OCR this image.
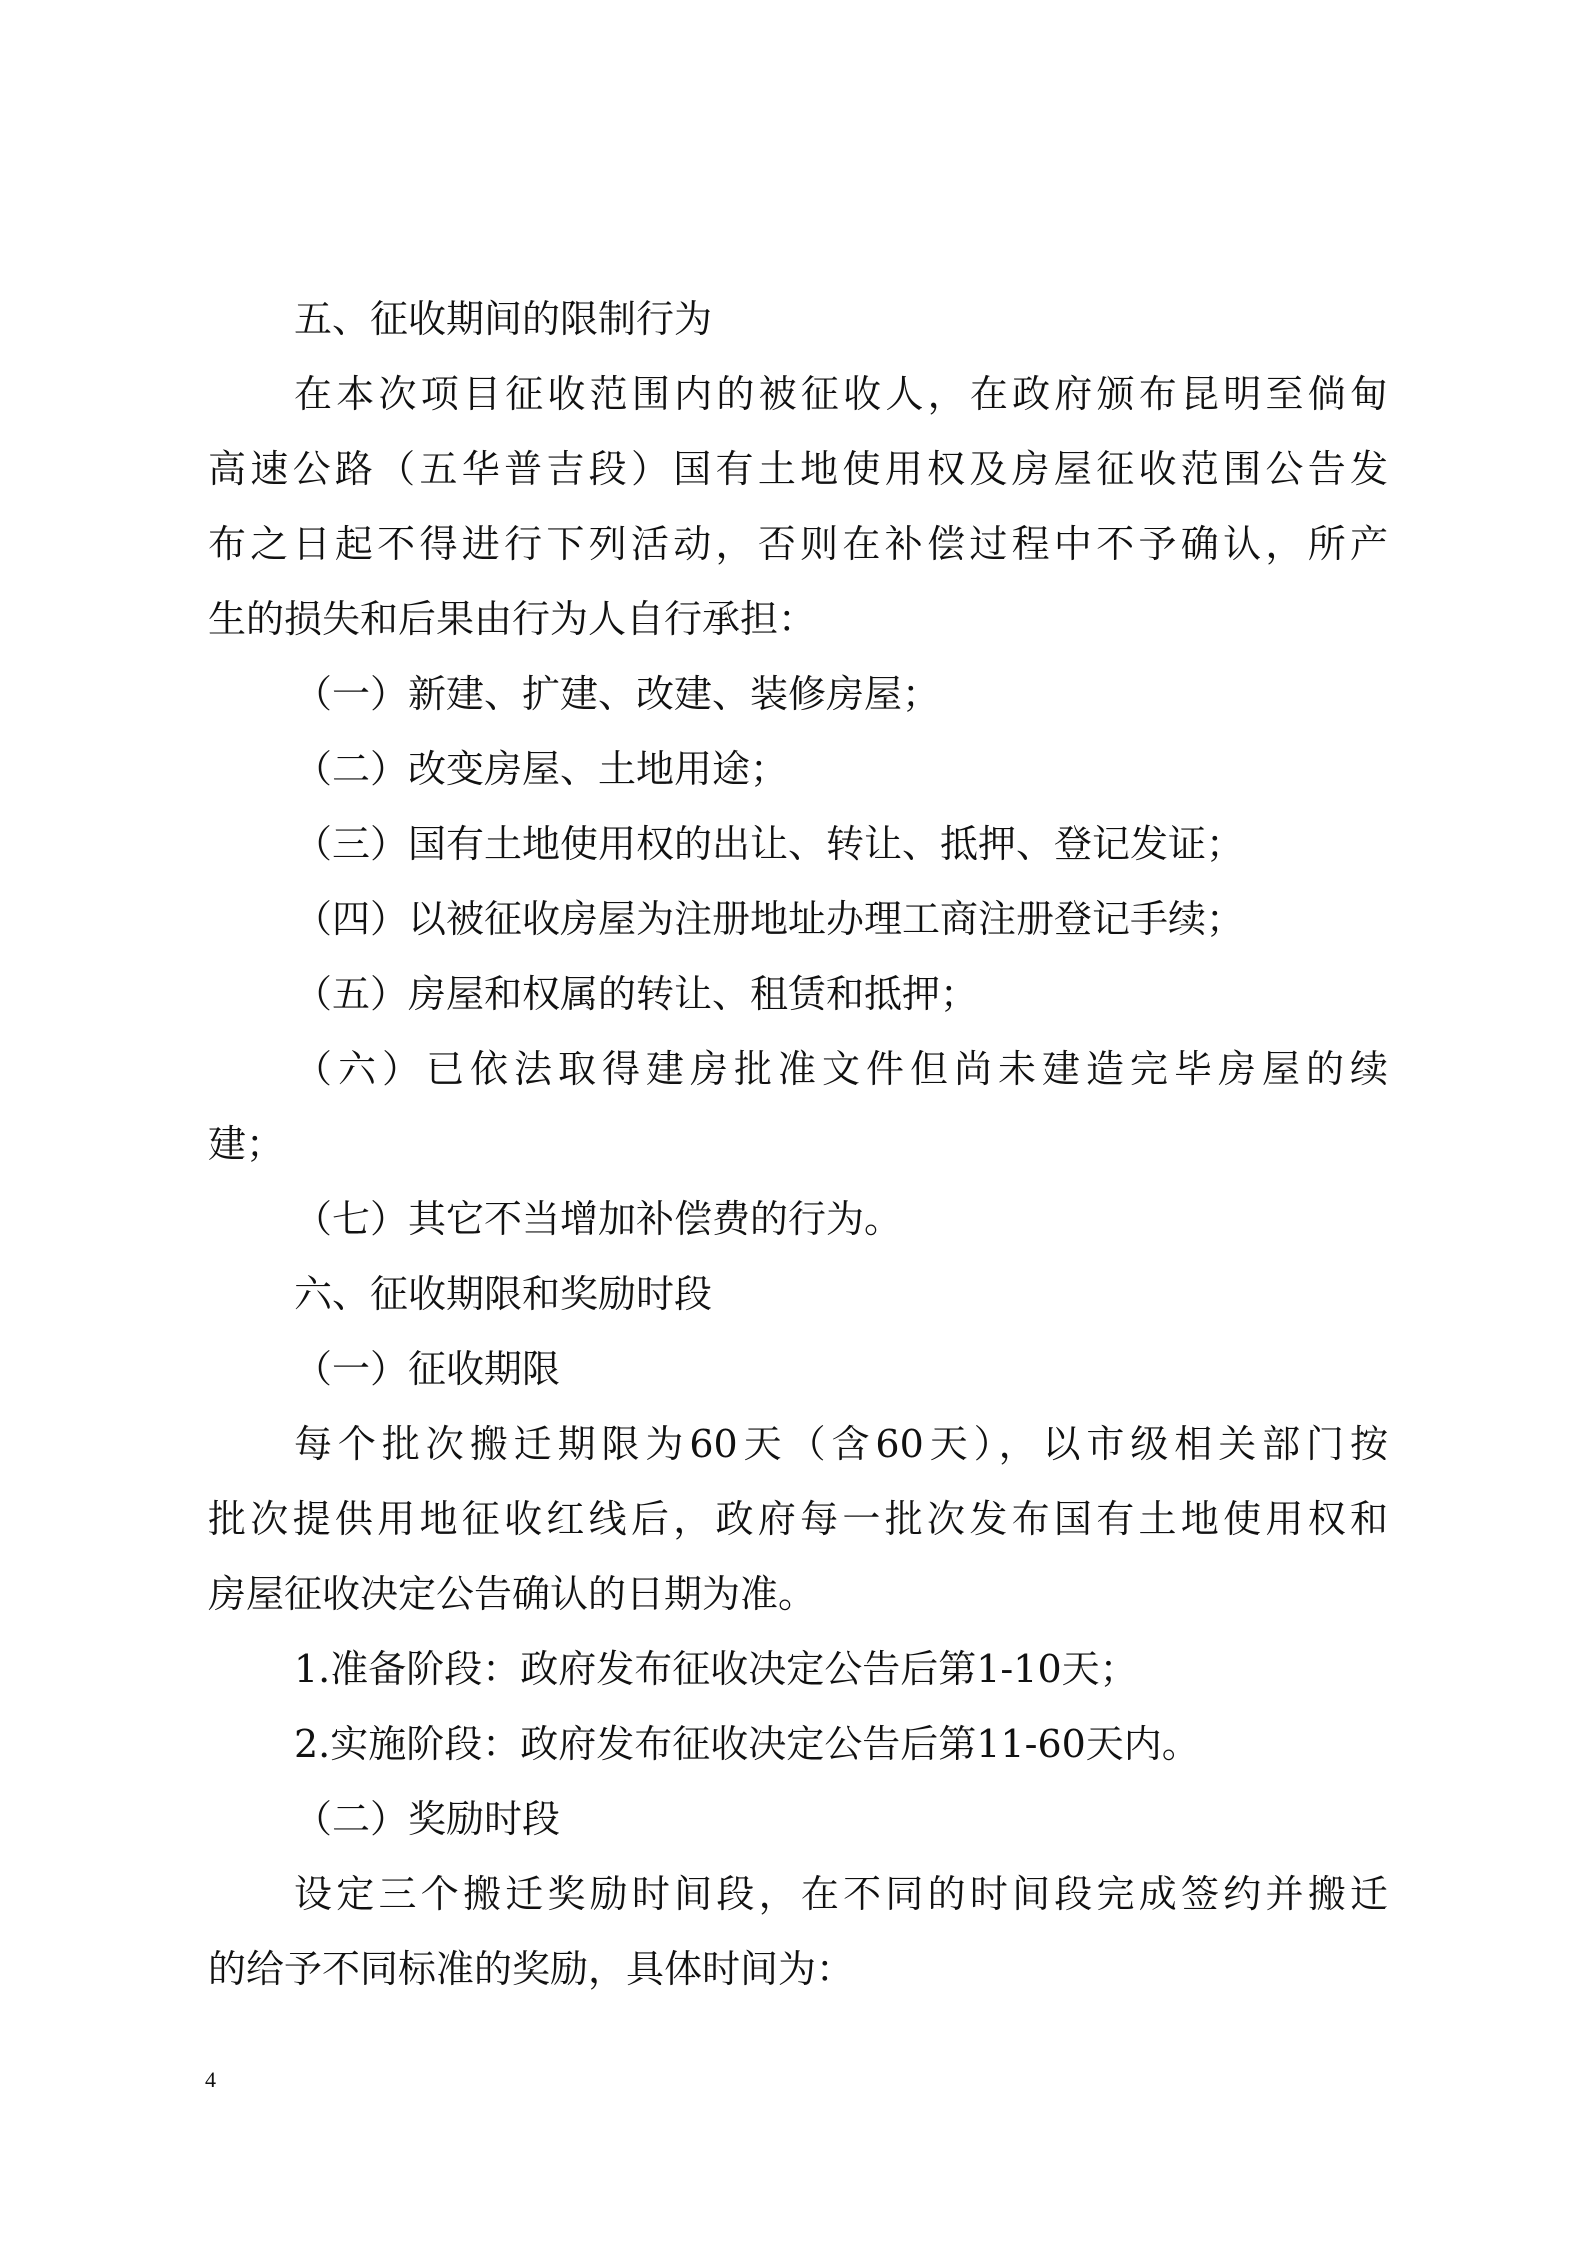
五、征收期间的限制行为

在本次项目征收范围内的被征收人，在政府颁布昆明至倘甸

高速公路（五华普吉段）国有土地使用权及房屋征收范围公告发

布之日起不得进行下列活动，否则在补偿过程中不予确认，所产

生的损失和后果由行为人自行承担：

（一）新建、扩建、改建、装修房屋；

（二）改变房屋、土地用途；

（三）国有土地使用权的出让、转让、抵押、登记发证；

（四）以被征收房屋为注册地址办理工商注册登记手续；

（五）房屋和权属的转让、租赁和抵押；

（六）已依法取得建房批准文件但尚未建造完毕房屋的续

建；

（七）其它不当增加补偿费的行为。

六、征收期限和奖励时段

（一）征收期限

每个批次搬迁期限为60天（含60天），以市级相关部门按

批次提供用地征收红线后，政府每一批次发布国有土地使用权和

房屋征收决定公告确认的日期为准。

1.准备阶段：政府发布征收决定公告后第1-10天；

2.实施阶段：政府发布征收决定公告后第11-60天内。

（二）奖励时段

设定三个搬迁奖励时间段，在不同的时间段完成签约并搬迁

的给予不同标准的奖励，具体时间为：

4
